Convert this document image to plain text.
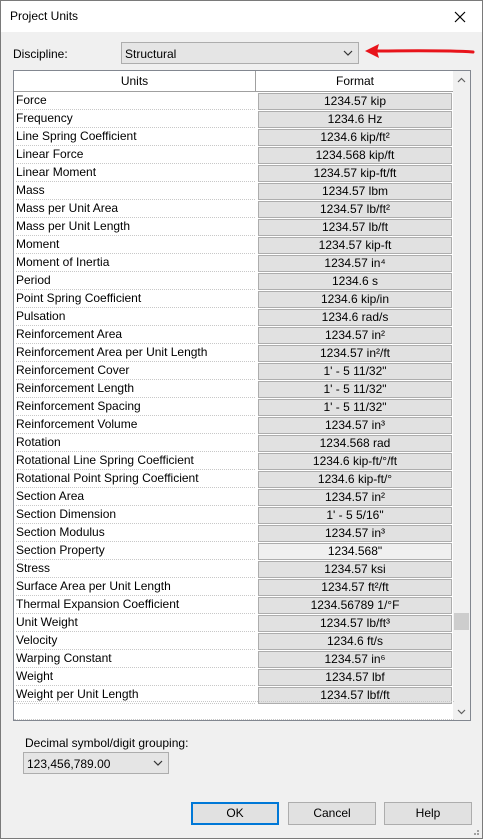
Project Units
Discipline:	Structural
Units	Format
Force	1234.57 kip
Frequency	1234.6 Hz
Line Spring Coefficient	1234.6 kip/ft²
Linear Force	1234.568 kip/ft
Linear Moment	1234.57 kip-ft/ft
Mass	1234.57 lbm
Mass per Unit Area	1234.57 lb/ft²
Mass per Unit Length	1234.57 lb/ft
Moment	1234.57 kip-ft
Moment of Inertia	1234.57 in⁴
Period	1234.6 s
Point Spring Coefficient	1234.6 kip/in
Pulsation	1234.6 rad/s
Reinforcement Area	1234.57 in²
Reinforcement Area per Unit Length	1234.57 in²/ft
Reinforcement Cover	1' - 5 11/32"
Reinforcement Length	1' - 5 11/32"
Reinforcement Spacing	1' - 5 11/32"
Reinforcement Volume	1234.57 in³
Rotation	1234.568 rad
Rotational Line Spring Coefficient	1234.6 kip-ft/°/ft
Rotational Point Spring Coefficient	1234.6 kip-ft/°
Section Area	1234.57 in²
Section Dimension	1' - 5 5/16"
Section Modulus	1234.57 in³
Section Property	1234.568"
Stress	1234.57 ksi
Surface Area per Unit Length	1234.57 ft²/ft
Thermal Expansion Coefficient	1234.56789 1/°F
Unit Weight	1234.57 lb/ft³
Velocity	1234.6 ft/s
Warping Constant	1234.57 in⁶
Weight	1234.57 lbf
Weight per Unit Length	1234.57 lbf/ft
Decimal symbol/digit grouping:
123,456,789.00
OK	Cancel	Help
